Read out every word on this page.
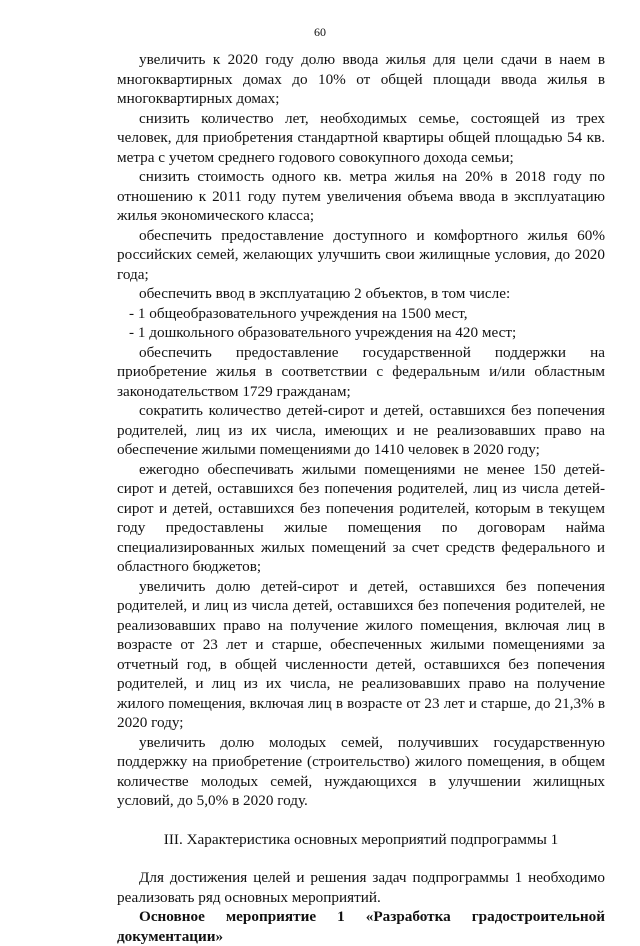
60

увеличить к 2020 году долю ввода жилья для цели сдачи в наем в многоквартирных домах до 10% от общей площади ввода жилья в многоквартирных домах;

снизить количество лет, необходимых семье, состоящей из трех человек, для приобретения стандартной квартиры общей площадью 54 кв. метра с учетом среднего годового совокупного дохода семьи;

снизить стоимость одного кв. метра жилья на 20% в 2018 году по отношению к 2011 году путем увеличения объема ввода в эксплуатацию жилья экономического класса;

обеспечить предоставление доступного и комфортного жилья 60% российских семей, желающих улучшить свои жилищные условия, до 2020 года;

обеспечить ввод в эксплуатацию 2 объектов, в том числе:

- 1 общеобразовательного учреждения на 1500 мест,

- 1 дошкольного образовательного учреждения на 420 мест;

обеспечить предоставление государственной поддержки на приобретение жилья в соответствии с федеральным и/или областным законодательством 1729 гражданам;

сократить количество детей-сирот и детей, оставшихся без попечения родителей, лиц из их числа, имеющих и не реализовавших право на обеспечение жилыми помещениями до 1410 человек в 2020 году;

ежегодно обеспечивать жилыми помещениями не менее 150 детей-сирот и детей, оставшихся без попечения родителей, лиц из числа детей-сирот и детей, оставшихся без попечения родителей, которым в текущем году предоставлены жилые помещения по договорам найма специализированных жилых помещений за счет средств федерального и областного бюджетов;

увеличить долю детей-сирот и детей, оставшихся без попечения родителей, и лиц из числа детей, оставшихся без попечения родителей, не реализовавших право на получение жилого помещения, включая лиц в возрасте от 23 лет и старше, обеспеченных жилыми помещениями за отчетный год, в общей численности детей, оставшихся без попечения родителей, и лиц из их числа, не реализовавших право на получение жилого помещения, включая лиц в возрасте от 23 лет и старше, до 21,3% в 2020 году;

увеличить долю молодых семей, получивших государственную поддержку на приобретение (строительство) жилого помещения, в общем количестве молодых семей, нуждающихся в улучшении жилищных условий, до 5,0% в 2020 году.

III. Характеристика основных мероприятий подпрограммы 1

Для достижения целей и решения задач подпрограммы 1 необходимо реализовать ряд основных мероприятий.

Основное мероприятие 1 «Разработка градостроительной документации»
